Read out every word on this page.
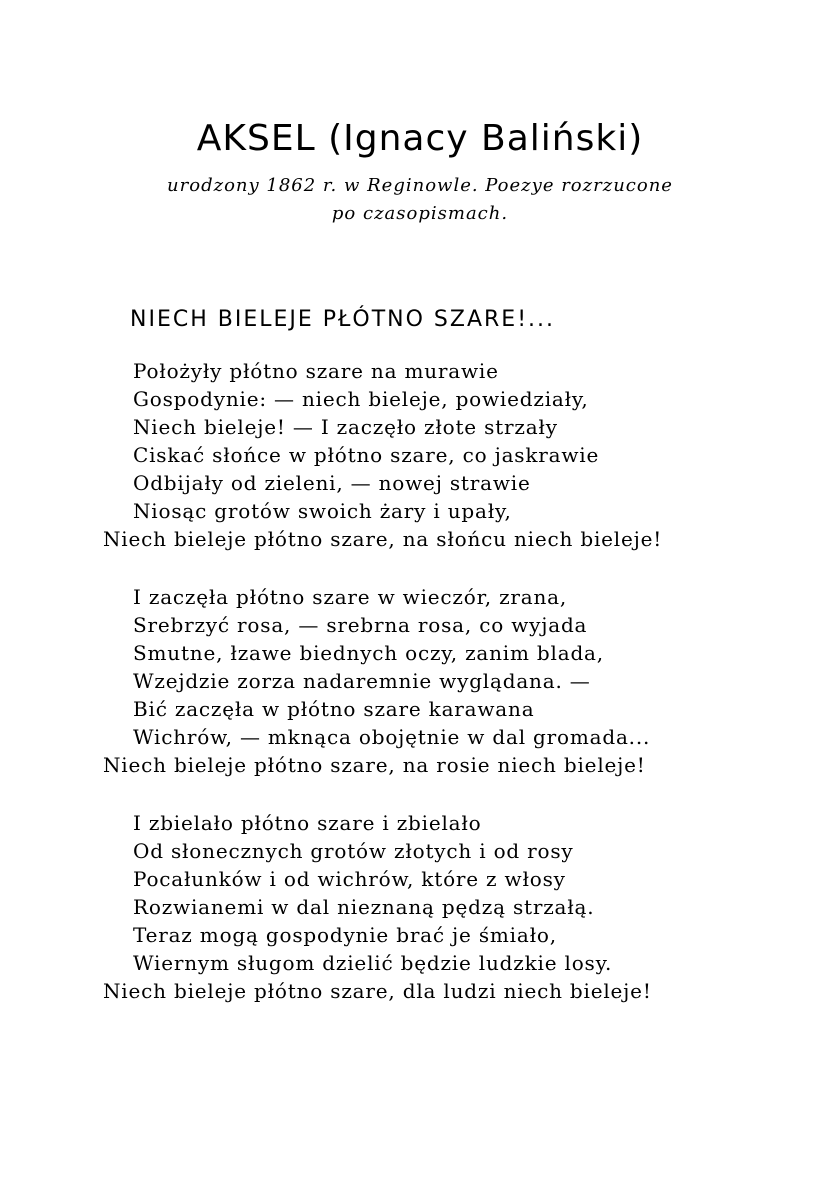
AKSEL (Ignacy Baliński)
urodzony 1862 r. w Reginowle. Poezye rozrzucone
po czasopismach.
NIECH BIELEJE PŁÓTNO SZARE!...
Położyły płótno szare na murawie
Gospodynie: — niech bieleje, powiedziały,
Niech bieleje! — I zaczęło złote strzały
Ciskać słońce w płótno szare, co jaskrawie
Odbijały od zieleni, — nowej strawie
Niosąc grotów swoich żary i upały,
Niech bieleje płótno szare, na słońcu niech bieleje!
I zaczęła płótno szare w wieczór, zrana,
Srebrzyć rosa, — srebrna rosa, co wyjada
Smutne, łzawe biednych oczy, zanim blada,
Wzejdzie zorza nadaremnie wyglądana. —
Bić zaczęła w płótno szare karawana
Wichrów, — mknąca obojętnie w dal gromada...
Niech bieleje płótno szare, na rosie niech bieleje!
I zbielało płótno szare i zbielało
Od słonecznych grotów złotych i od rosy
Pocałunków i od wichrów, które z włosy
Rozwianemi w dal nieznaną pędzą strzałą.
Teraz mogą gospodynie brać je śmiało,
Wiernym sługom dzielić będzie ludzkie losy.
Niech bieleje płótno szare, dla ludzi niech bieleje!
